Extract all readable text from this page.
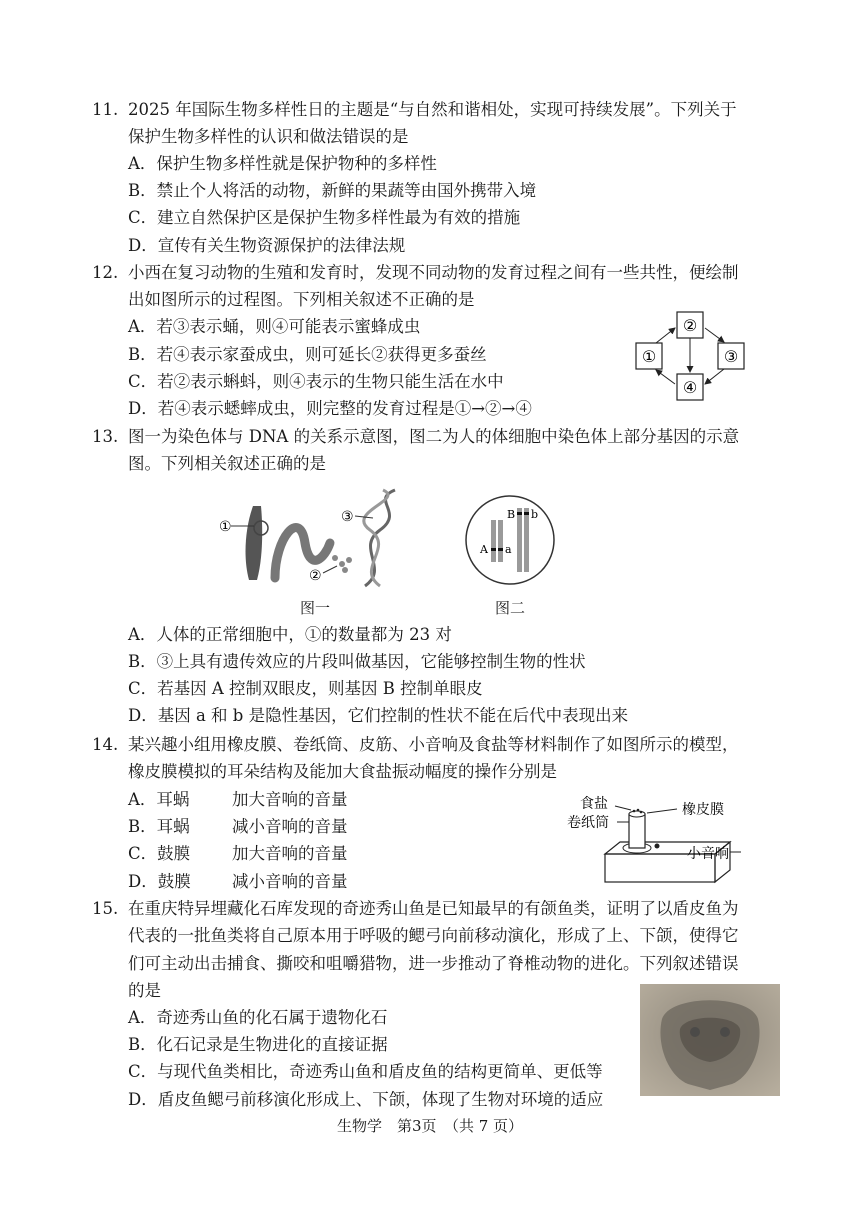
11. 2025 年国际生物多样性日的主题是“与自然和谐相处，实现可持续发展”。下列关于
保护生物多样性的认识和做法错误的是
A．保护生物多样性就是保护物种的多样性
B．禁止个人将活的动物，新鲜的果蔬等由国外携带入境
C．建立自然保护区是保护生物多样性最为有效的措施
D．宣传有关生物资源保护的法律法规
12. 小西在复习动物的生殖和发育时，发现不同动物的发育过程之间有一些共性，便绘制
出如图所示的过程图。下列相关叙述不正确的是
A．若③表示蛹，则④可能表示蜜蜂成虫
B．若④表示家蚕成虫，则可延长②获得更多蚕丝
C．若②表示蝌蚪，则④表示的生物只能生活在水中
D．若④表示蟋蟀成虫，则完整的发育过程是①→②→④
②
①	③
④
13. 图一为染色体与 DNA 的关系示意图，图二为人的体细胞中染色体上部分基因的示意
图。下列相关叙述正确的是
①
②
③
图一
A a
B b
图二
A．人体的正常细胞中，①的数量都为 23 对
B．③上具有遗传效应的片段叫做基因，它能够控制生物的性状
C．若基因 A 控制双眼皮，则基因 B 控制单眼皮
D．基因 a 和 b 是隐性基因，它们控制的性状不能在后代中表现出来
14. 某兴趣小组用橡皮膜、卷纸筒、皮筋、小音响及食盐等材料制作了如图所示的模型，
橡皮膜模拟的耳朵结构及能加大食盐振动幅度的操作分别是
A．耳蜗	加大音响的音量
B．耳蜗	减小音响的音量
C．鼓膜	加大音响的音量
D．鼓膜	减小音响的音量
食盐
卷纸筒
橡皮膜
小音响
15. 在重庆特异埋藏化石库发现的奇迹秀山鱼是已知最早的有颌鱼类，证明了以盾皮鱼为
代表的一批鱼类将自己原本用于呼吸的鳃弓向前移动演化，形成了上、下颌，使得它
们可主动出击捕食、撕咬和咀嚼猎物，进一步推动了脊椎动物的进化。下列叙述错误
的是
A．奇迹秀山鱼的化石属于遗物化石
B．化石记录是生物进化的直接证据
C．与现代鱼类相比，奇迹秀山鱼和盾皮鱼的结构更简单、更低等
D．盾皮鱼鳃弓前移演化形成上、下颌，体现了生物对环境的适应
生物学　第3页　（共 7 页）
